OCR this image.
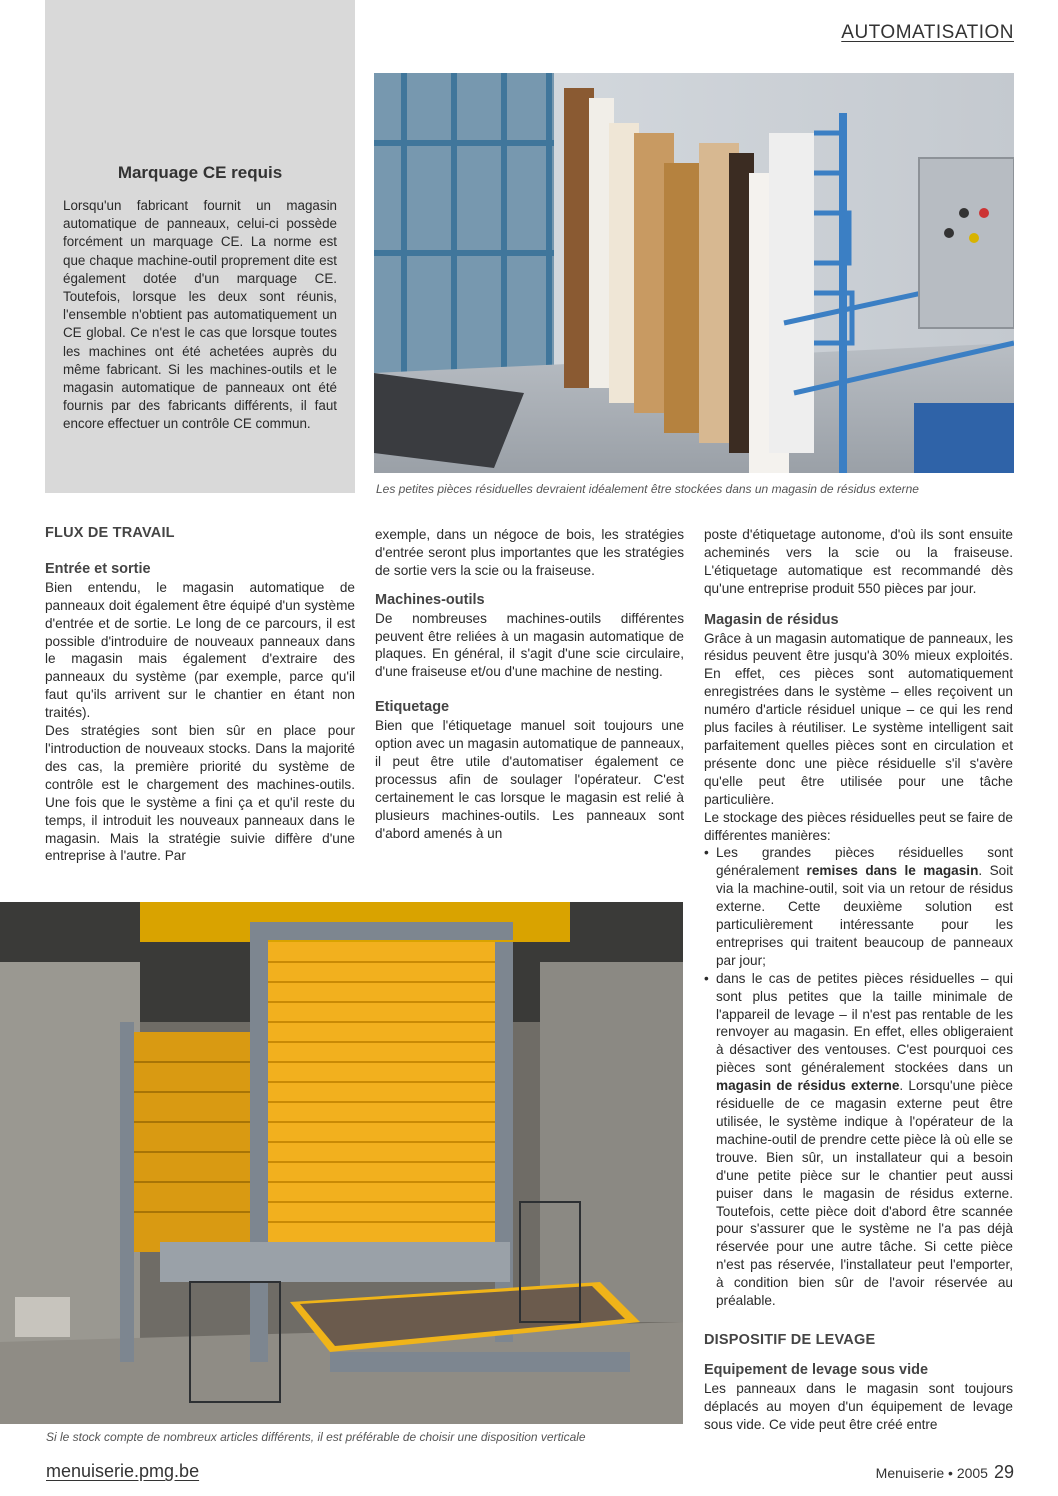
AUTOMATISATION
Marquage CE requis

Lorsqu'un fabricant fournit un magasin automatique de panneaux, celui-ci possède forcément un marquage CE. La norme est que chaque machine-outil proprement dite est également dotée d'un marquage CE. Toutefois, lorsque les deux sont réunis, l'ensemble n'obtient pas automatiquement un CE global. Ce n'est le cas que lorsque toutes les machines ont été achetées auprès du même fabricant. Si les machines-outils et le magasin automatique de panneaux ont été fournis par des fabricants différents, il faut encore effectuer un contrôle CE commun.

Les petites pièces résiduelles devraient idéalement être stockées dans un magasin de résidus externe
FLUX DE TRAVAIL
Entrée et sortie

Bien entendu, le magasin automatique de panneaux doit également être équipé d'un système d'entrée et de sortie. Le long de ce parcours, il est possible d'introduire de nouveaux panneaux dans le magasin mais également d'extraire des panneaux du système (par exemple, parce qu'il faut qu'ils arrivent sur le chantier en étant non traités).

Des stratégies sont bien sûr en place pour l'introduction de nouveaux stocks. Dans la majorité des cas, la première priorité du système de contrôle est le chargement des machines-outils. Une fois que le système a fini ça et qu'il reste du temps, il introduit les nouveaux panneaux dans le magasin. Mais la stratégie suivie diffère d'une entreprise à l'autre. Par

exemple, dans un négoce de bois, les stratégies d'entrée seront plus importantes que les stratégies de sortie vers la scie ou la fraiseuse.

Machines-outils

De nombreuses machines-outils différentes peuvent être reliées à un magasin automatique de plaques. En général, il s'agit d'une scie circulaire, d'une fraiseuse et/ou d'une machine de nesting.

Etiquetage

Bien que l'étiquetage manuel soit toujours une option avec un magasin automatique de panneaux, il peut être utile d'automatiser également ce processus afin de soulager l'opérateur. C'est certainement le cas lorsque le magasin est relié à plusieurs machines-outils. Les panneaux sont d'abord amenés à un

poste d'étiquetage autonome, d'où ils sont ensuite acheminés vers la scie ou la fraiseuse. L'étiquetage automatique est recommandé dès qu'une entreprise produit 550 pièces par jour.

Magasin de résidus

Grâce à un magasin automatique de panneaux, les résidus peuvent être jusqu'à 30% mieux exploités. En effet, ces pièces sont automatiquement enregistrées dans le système – elles reçoivent un numéro d'article résiduel unique – ce qui les rend plus faciles à réutiliser. Le système intelligent sait parfaitement quelles pièces sont en circulation et présente donc une pièce résiduelle s'il s'avère qu'elle peut être utilisée pour une tâche particulière.

Le stockage des pièces résiduelles peut se faire de différentes manières:

• Les grandes pièces résiduelles sont généralement remises dans le magasin. Soit via la machine-outil, soit via un retour de résidus externe. Cette deuxième solution est particulièrement intéressante pour les entreprises qui traitent beaucoup de panneaux par jour;
• dans le cas de petites pièces résiduelles – qui sont plus petites que la taille minimale de l'appareil de levage – il n'est pas rentable de les renvoyer au magasin. En effet, elles obligeraient à désactiver des ventouses. C'est pourquoi ces pièces sont généralement stockées dans un magasin de résidus externe. Lorsqu'une pièce résiduelle de ce magasin externe peut être utilisée, le système indique à l'opérateur de la machine-outil de prendre cette pièce là où elle se trouve. Bien sûr, un installateur qui a besoin d'une petite pièce sur le chantier peut aussi puiser dans le magasin de résidus externe. Toutefois, cette pièce doit d'abord être scannée pour s'assurer que le système ne l'a pas déjà réservée pour une autre tâche. Si cette pièce n'est pas réservée, l'installateur peut l'emporter, à condition bien sûr de l'avoir réservée au préalable.
DISPOSITIF DE LEVAGE
Equipement de levage sous vide

Les panneaux dans le magasin sont toujours déplacés au moyen d'un équipement de levage sous vide. Ce vide peut être créé entre

Si le stock compte de nombreux articles différents, il est préférable de choisir une disposition verticale
menuiserie.pmg.be	Menuiserie • 2005 29
